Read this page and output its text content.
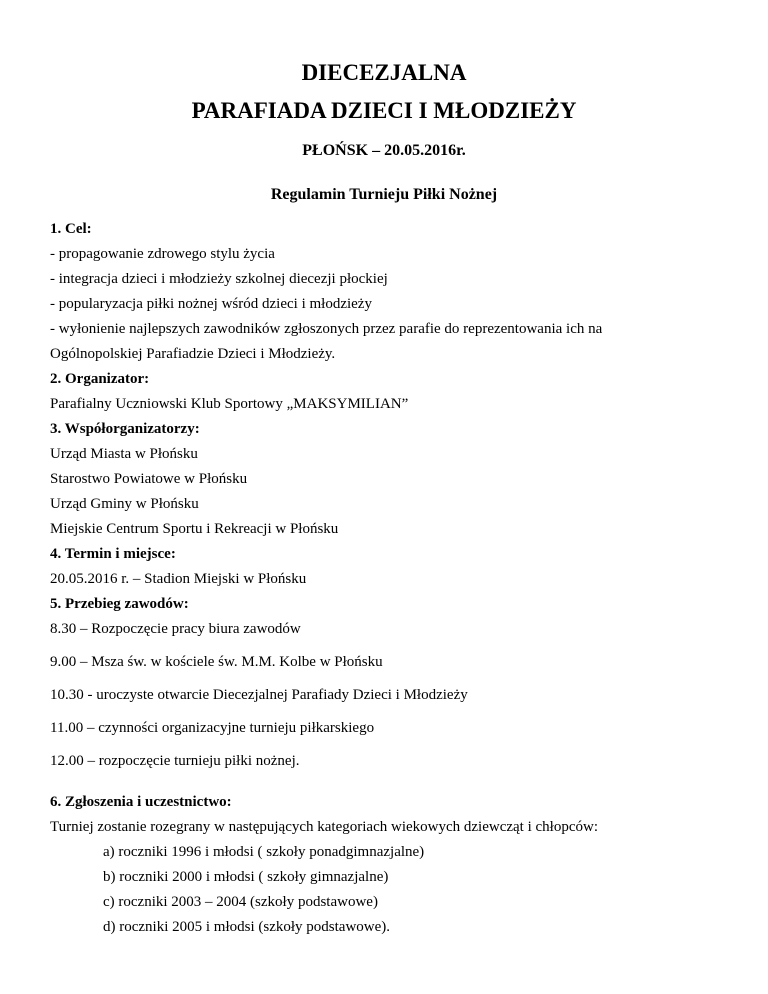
DIECEZJALNA
PARAFIADA DZIECI I MŁODZIEŻY
PŁOŃSK – 20.05.2016r.
Regulamin Turnieju Piłki Nożnej
1. Cel:
- propagowanie zdrowego stylu życia
- integracja dzieci i młodzieży szkolnej diecezji płockiej
- popularyzacja piłki nożnej wśród dzieci i młodzieży
- wyłonienie najlepszych zawodników zgłoszonych przez parafie do reprezentowania ich na
Ogólnopolskiej Parafiadzie Dzieci i Młodzieży.
2. Organizator:
Parafialny Uczniowski Klub Sportowy „MAKSYMILIAN”
3. Współorganizatorzy:
Urząd Miasta w Płońsku
Starostwo Powiatowe w Płońsku
Urząd Gminy w Płońsku
Miejskie Centrum Sportu i Rekreacji w Płońsku
4. Termin i miejsce:
20.05.2016 r. – Stadion Miejski w Płońsku
5. Przebieg zawodów:
8.30 – Rozpoczęcie pracy biura zawodów
9.00 – Msza św. w kościele św. M.M. Kolbe w Płońsku
10.30 - uroczyste otwarcie Diecezjalnej Parafiady Dzieci i Młodzieży
11.00 – czynności organizacyjne turnieju piłkarskiego
12.00 – rozpoczęcie turnieju piłki nożnej.
6. Zgłoszenia i uczestnictwo:
Turniej zostanie rozegrany w następujących kategoriach wiekowych dziewcząt i chłopców:
a) roczniki 1996 i młodsi ( szkoły ponadgimnazjalne)
b) roczniki 2000 i młodsi ( szkoły gimnazjalne)
c) roczniki 2003 – 2004 (szkoły podstawowe)
d) roczniki 2005 i młodsi (szkoły podstawowe).
